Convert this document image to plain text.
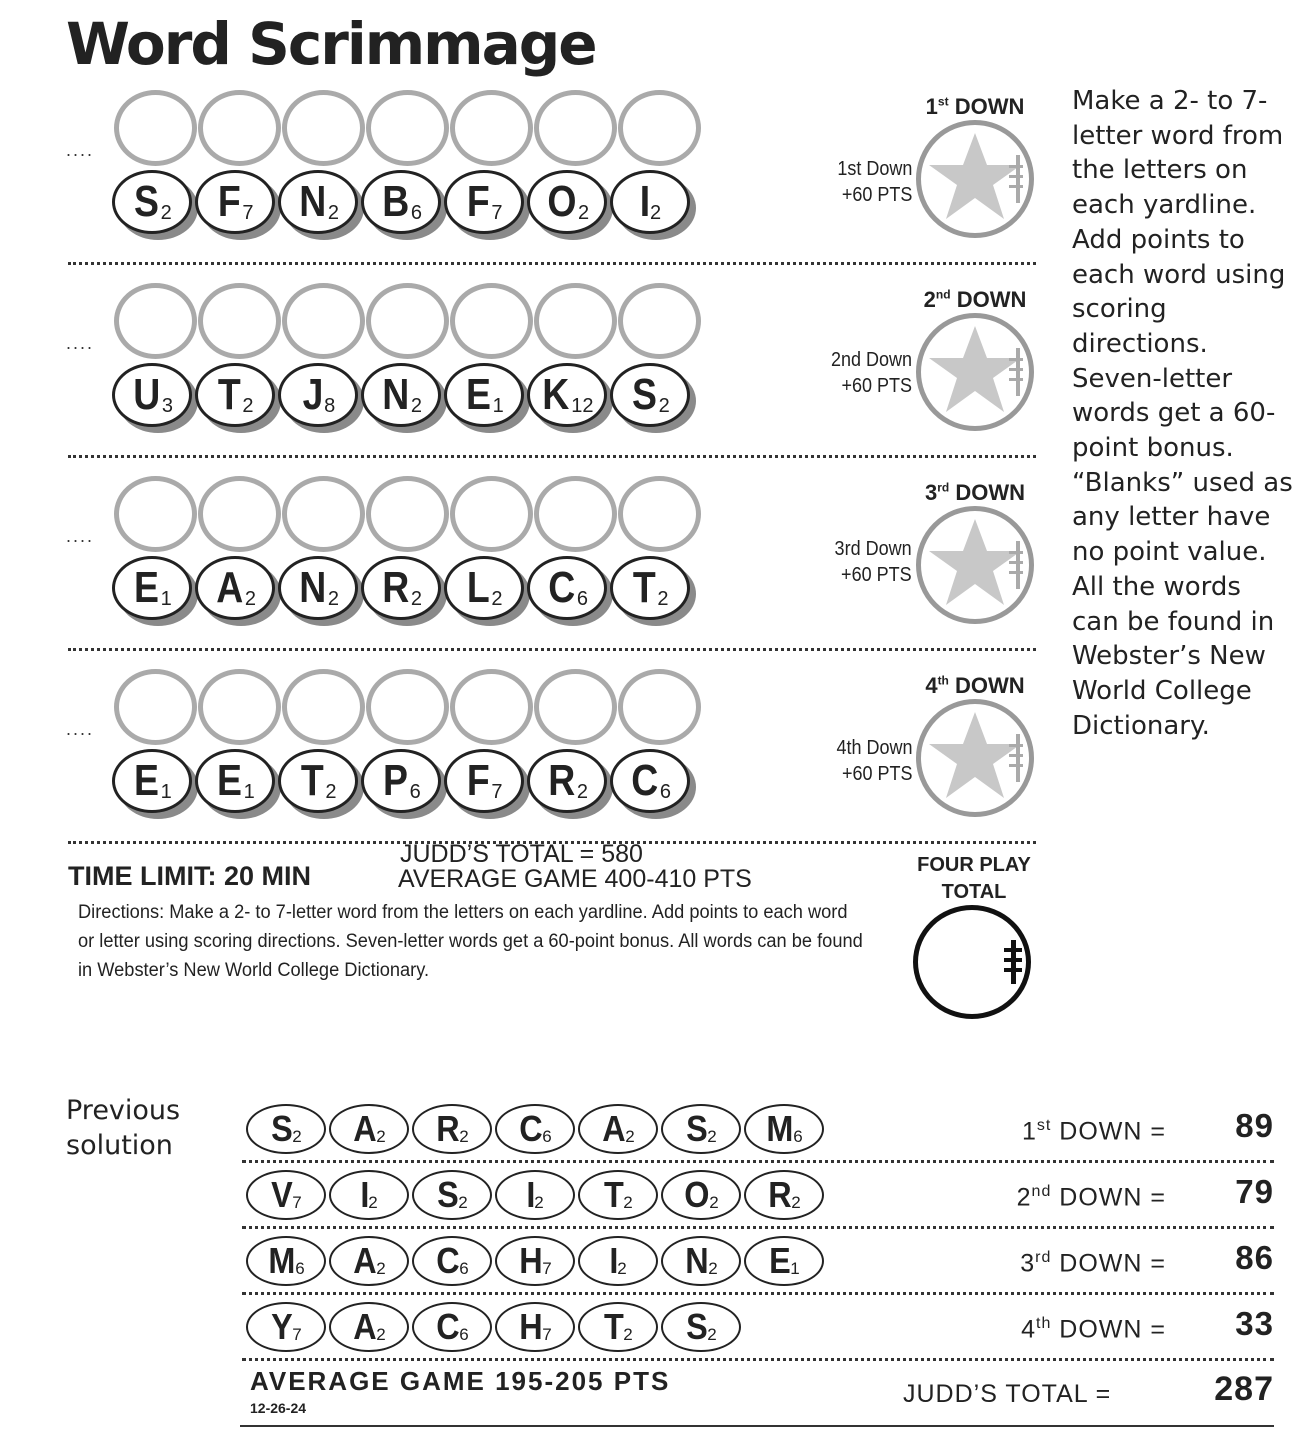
Word Scrimmage
....
S 2 F 7 N 2 B 6 F 7 O 2 I 2
1st Down
+60 PTS
1st DOWN
....
U 3 T 2 J 8 N 2 E 1 K 12 S 2
2nd Down
+60 PTS
2nd DOWN
....
E 1 A 2 N 2 R 2 L 2 C 6 T 2
3rd Down
+60 PTS
3rd DOWN
....
E 1 E 1 T 2 P 6 F 7 R 2 C 6
4th Down
+60 PTS
4th DOWN
Make a 2- to 7-letter word from the letters on each yardline. Add points to each word using scoring directions. Seven-letter words get a 60-point bonus. “Blanks” used as any letter have no point value. All the words can be found in Webster’s New World College Dictionary.
JUDD’S TOTAL = 580
TIME LIMIT: 20 MIN	AVERAGE GAME 400-410 PTS
Directions: Make a 2- to 7-letter word from the letters on each yardline. Add points to each word or letter using scoring directions. Seven-letter words get a 60-point bonus. All words can be found in Webster’s New World College Dictionary.
FOUR PLAY
TOTAL
Previous
solution	S 2 A 2 R 2 C 6 A 2 S 2 M 6	1st DOWN = 89
V 7 I 2 S 2 I 2 T 2 O 2 R 2	2nd DOWN = 79
M 6 A 2 C 6 H 7 I 2 N 2 E 1	3rd DOWN = 86
Y 7 A 2 C 6 H 7 T 2 S 2	4th DOWN = 33
AVERAGE GAME 195-205 PTS
12-26-24	JUDD’S TOTAL =	287
